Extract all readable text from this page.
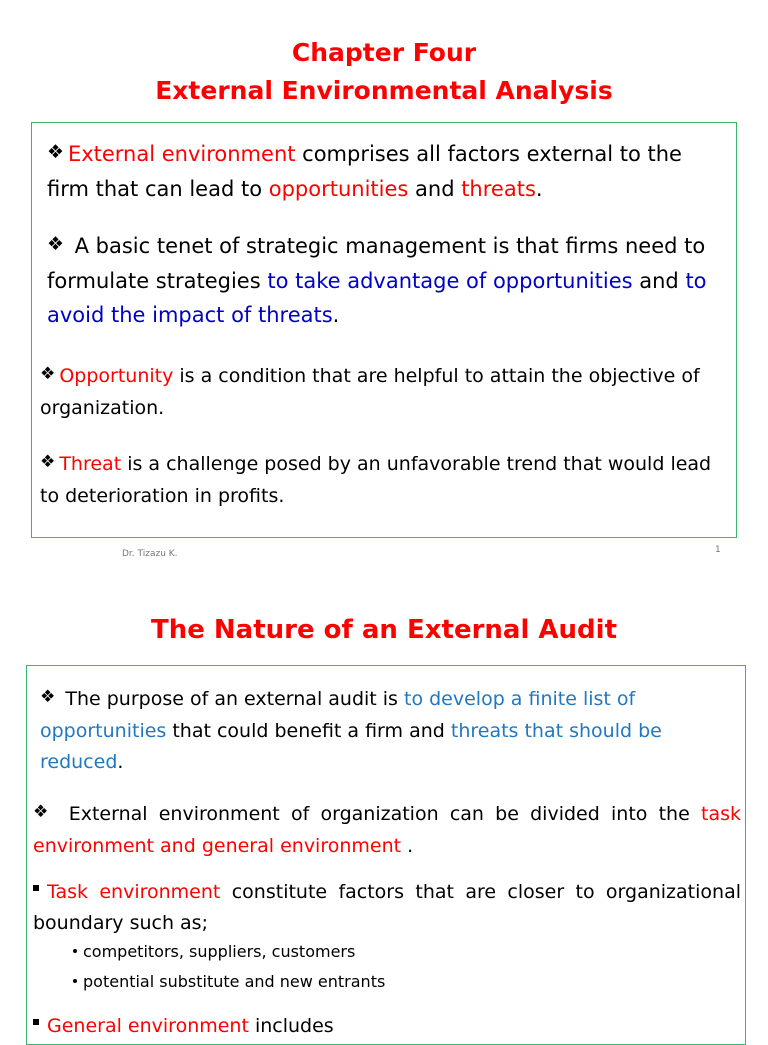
Chapter Four
External Environmental Analysis

❖ External environment comprises all factors external to the firm that can lead to opportunities and threats.

❖ A basic tenet of strategic management is that firms need to formulate strategies to take advantage of opportunities and to avoid the impact of threats.

❖ Opportunity is a condition that are helpful to attain the objective of organization.

❖ Threat is a challenge posed by an unfavorable trend that would lead to deterioration in profits.

Dr. Tizazu K.	1
The Nature of an External Audit

❖ The purpose of an external audit is to develop a finite list of opportunities that could benefit a firm and threats that should be reduced.

❖ External environment of organization can be divided into the task environment and general environment .

Task environment constitute factors that are closer to organizational boundary such as;

competitors, suppliers, customers
potential substitute and new entrants

General environment includes
